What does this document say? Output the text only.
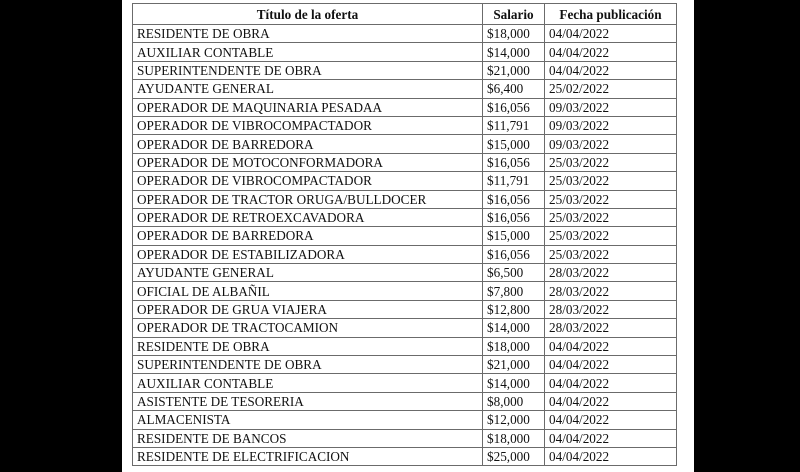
Título de la oferta	Salario	Fecha publicación
RESIDENTE DE OBRA	$18,000	04/04/2022
AUXILIAR CONTABLE	$14,000	04/04/2022
SUPERINTENDENTE DE OBRA	$21,000	04/04/2022
AYUDANTE GENERAL	$6,400	25/02/2022
OPERADOR DE MAQUINARIA PESADAA	$16,056	09/03/2022
OPERADOR DE VIBROCOMPACTADOR	$11,791	09/03/2022
OPERADOR DE BARREDORA	$15,000	09/03/2022
OPERADOR DE MOTOCONFORMADORA	$16,056	25/03/2022
OPERADOR DE VIBROCOMPACTADOR	$11,791	25/03/2022
OPERADOR DE TRACTOR ORUGA/BULLDOCER	$16,056	25/03/2022
OPERADOR DE RETROEXCAVADORA	$16,056	25/03/2022
OPERADOR DE BARREDORA	$15,000	25/03/2022
OPERADOR DE ESTABILIZADORA	$16,056	25/03/2022
AYUDANTE GENERAL	$6,500	28/03/2022
OFICIAL DE ALBAÑIL	$7,800	28/03/2022
OPERADOR DE GRUA VIAJERA	$12,800	28/03/2022
OPERADOR DE TRACTOCAMION	$14,000	28/03/2022
RESIDENTE DE OBRA	$18,000	04/04/2022
SUPERINTENDENTE DE OBRA	$21,000	04/04/2022
AUXILIAR CONTABLE	$14,000	04/04/2022
ASISTENTE DE TESORERIA	$8,000	04/04/2022
ALMACENISTA	$12,000	04/04/2022
RESIDENTE DE BANCOS	$18,000	04/04/2022
RESIDENTE DE ELECTRIFICACION	$25,000	04/04/2022
